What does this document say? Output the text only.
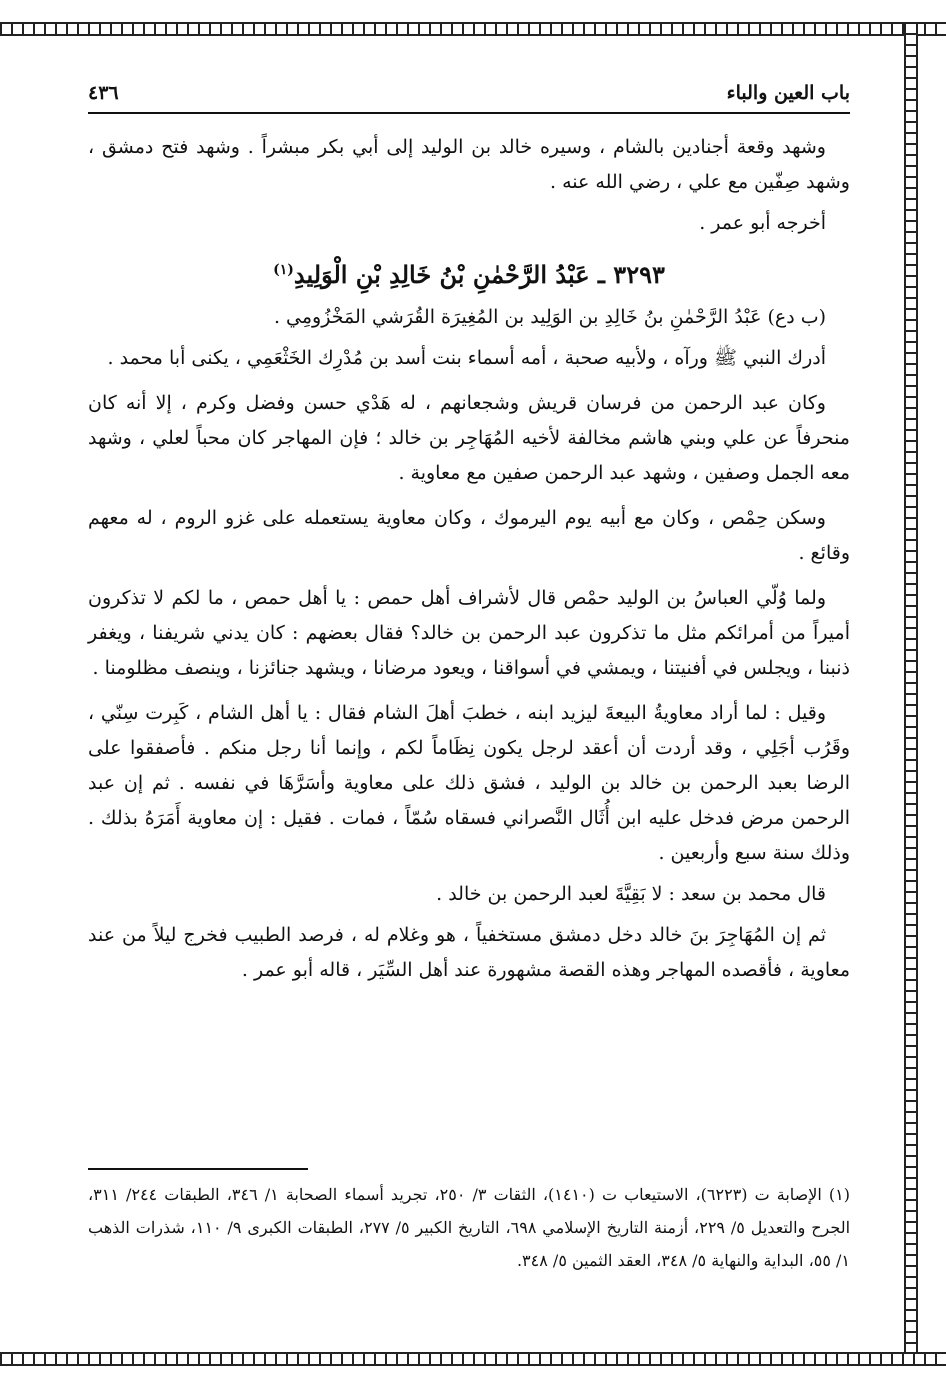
باب العين والباء
٤٣٦

وشهد وقعة أجنادين بالشام ، وسيره خالد بن الوليد إلى أبي بكر مبشراً . وشهد فتح دمشق ، وشهد صِفّين مع علي ، رضي الله عنه .

أخرجه أبو عمر .

٣٢٩٣ ـ عَبْدُ الرَّحْمٰنِ بْنُ خَالِدِ بْنِ الْوَلِيدِ$^{(١)}$

(ب دع) عَبْدُ الرَّحْمٰنِ بنُ خَالِدِ بن الوَلِيد بن المُغِيرَة القُرَشي المَخْزُومِي .

أدرك النبي ﷺ ورآه ، ولأبيه صحبة ، أمه أسماء بنت أسد بن مُدْرِك الخَثْعَمِي ، يكنى أبا محمد .

وكان عبد الرحمن من فرسان قريش وشجعانهم ، له هَدْي حسن وفضل وكرم ، إلا أنه كان منحرفاً عن علي وبني هاشم مخالفة لأخيه المُهَاجِر بن خالد ؛ فإن المهاجر كان محباً لعلي ، وشهد معه الجمل وصفين ، وشهد عبد الرحمن صفين مع معاوية .

وسكن حِمْص ، وكان مع أبيه يوم اليرموك ، وكان معاوية يستعمله على غزو الروم ، له معهم وقائع .

ولما وُلّي العباسُ بن الوليد حمْص قال لأشراف أهل حمص : يا أهل حمص ، ما لكم لا تذكرون أميراً من أمرائكم مثل ما تذكرون عبد الرحمن بن خالد؟ فقال بعضهم : كان يدني شريفنا ، ويغفر ذنبنا ، ويجلس في أفنيتنا ، ويمشي في أسواقنا ، ويعود مرضانا ، ويشهد جنائزنا ، وينصف مظلومنا .

وقيل : لما أراد معاويةُ البيعةَ ليزيد ابنه ، خطبَ أهلَ الشام فقال : يا أهل الشام ، كَبِرت سِنّي ، وقَرُب أجَلِي ، وقد أردت أن أعقد لرجل يكون نِظَاماً لكم ، وإنما أنا رجل منكم . فأصفقوا على الرضا بعبد الرحمن بن خالد بن الوليد ، فشق ذلك على معاوية وأسَرَّهَا في نفسه . ثم إن عبد الرحمن مرض فدخل عليه ابن أُثَال النَّصراني فسقاه سُمّاً ، فمات . فقيل : إن معاوية أَمَرَهُ بذلك . وذلك سنة سبع وأربعين .

قال محمد بن سعد : لا بَقِيَّةَ لعبد الرحمن بن خالد .

ثم إن المُهَاجِرَ بنَ خالد دخل دمشق مستخفياً ، هو وغلام له ، فرصد الطبيب فخرج ليلاً من عند معاوية ، فأقصده المهاجر وهذه القصة مشهورة عند أهل السِّيَر ، قاله أبو عمر .

(١) الإصابة ت (٦٢٢٣)، الاستيعاب ت (١٤١٠)، الثقات ٣/ ٢٥٠، تجريد أسماء الصحابة ١/ ٣٤٦، الطبقات ٢٤٤/ ٣١١، الجرح والتعديل ٥/ ٢٢٩، أزمنة التاريخ الإسلامي ٦٩٨، التاريخ الكبير ٥/ ٢٧٧، الطبقات الكبرى ٩/ ١١٠، شذرات الذهب ١/ ٥٥، البداية والنهاية ٥/ ٣٤٨، العقد الثمين ٥/ ٣٤٨.
